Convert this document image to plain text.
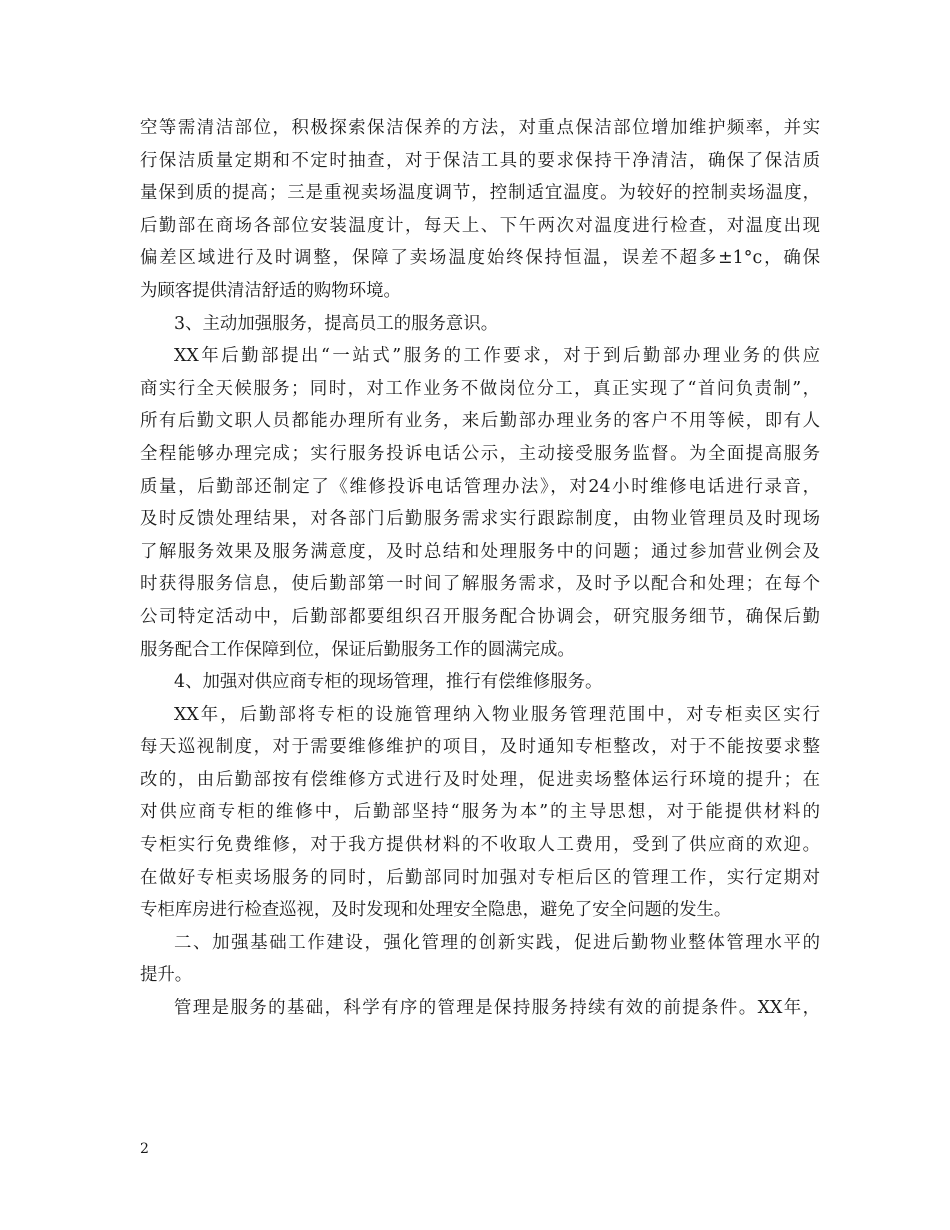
空等需清洁部位，积极探索保洁保养的方法，对重点保洁部位增加维护频率，并实
行保洁质量定期和不定时抽查，对于保洁工具的要求保持干净清洁，确保了保洁质
量保到质的提高；三是重视卖场温度调节，控制适宜温度。为较好的控制卖场温度，
后勤部在商场各部位安装温度计，每天上、下午两次对温度进行检查，对温度出现
偏差区域进行及时调整，保障了卖场温度始终保持恒温，误差不超多±1°c，确保
为顾客提供清洁舒适的购物环境。
3、主动加强服务，提高员工的服务意识。
XX年后勤部提出“一站式”服务的工作要求，对于到后勤部办理业务的供应
商实行全天候服务；同时，对工作业务不做岗位分工，真正实现了“首问负责制”，
所有后勤文职人员都能办理所有业务，来后勤部办理业务的客户不用等候，即有人
全程能够办理完成；实行服务投诉电话公示，主动接受服务监督。为全面提高服务
质量，后勤部还制定了《维修投诉电话管理办法》，对24小时维修电话进行录音，
及时反馈处理结果，对各部门后勤服务需求实行跟踪制度，由物业管理员及时现场
了解服务效果及服务满意度，及时总结和处理服务中的问题；通过参加营业例会及
时获得服务信息，使后勤部第一时间了解服务需求，及时予以配合和处理；在每个
公司特定活动中，后勤部都要组织召开服务配合协调会，研究服务细节，确保后勤
服务配合工作保障到位，保证后勤服务工作的圆满完成。
4、加强对供应商专柜的现场管理，推行有偿维修服务。
XX年，后勤部将专柜的设施管理纳入物业服务管理范围中，对专柜卖区实行
每天巡视制度，对于需要维修维护的项目，及时通知专柜整改，对于不能按要求整
改的，由后勤部按有偿维修方式进行及时处理，促进卖场整体运行环境的提升；在
对供应商专柜的维修中，后勤部坚持“服务为本”的主导思想，对于能提供材料的
专柜实行免费维修，对于我方提供材料的不收取人工费用，受到了供应商的欢迎。
在做好专柜卖场服务的同时，后勤部同时加强对专柜后区的管理工作，实行定期对
专柜库房进行检查巡视，及时发现和处理安全隐患，避免了安全问题的发生。
二、加强基础工作建设，强化管理的创新实践，促进后勤物业整体管理水平的
提升。
管理是服务的基础，科学有序的管理是保持服务持续有效的前提条件。XX年，
2
